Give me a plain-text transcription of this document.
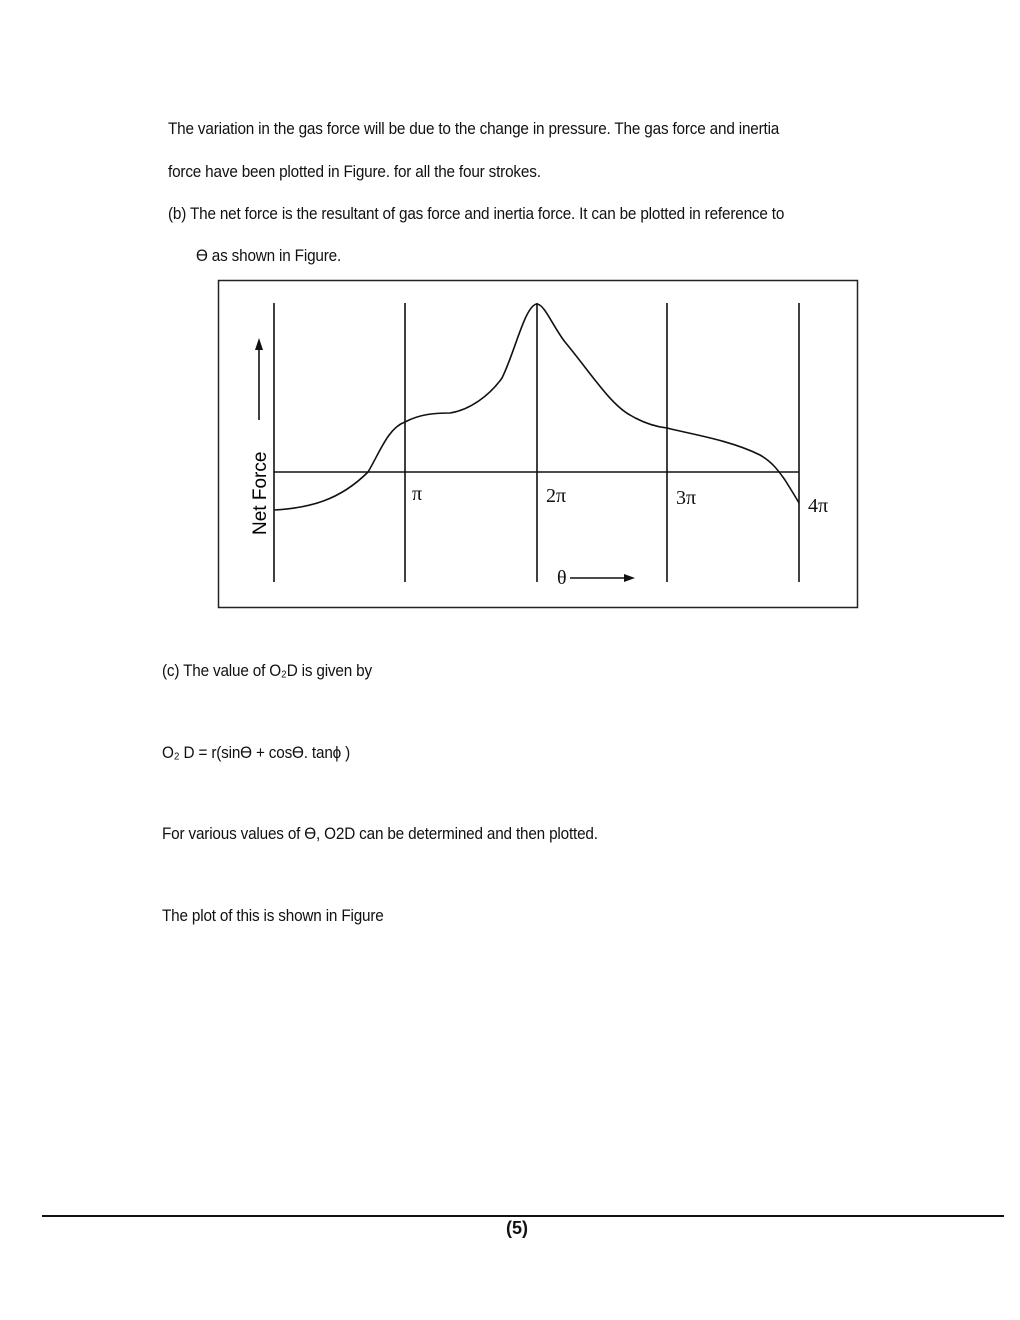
The variation in the gas force will be due to the change in pressure. The gas force and inertia
force have been plotted in Figure. for all the four strokes.
(b) The net force is the resultant of gas force and inertia force. It can be plotted in reference to
ϴ as shown in Figure.
Net Force	π	2π	3π	4π
θ
(c) The value of O₂D is given by
O₂ D = r(sinϴ + cosϴ. tanϕ )
For various values of ϴ, O2D can be determined and then plotted.
The plot of this is shown in Figure
(5)
